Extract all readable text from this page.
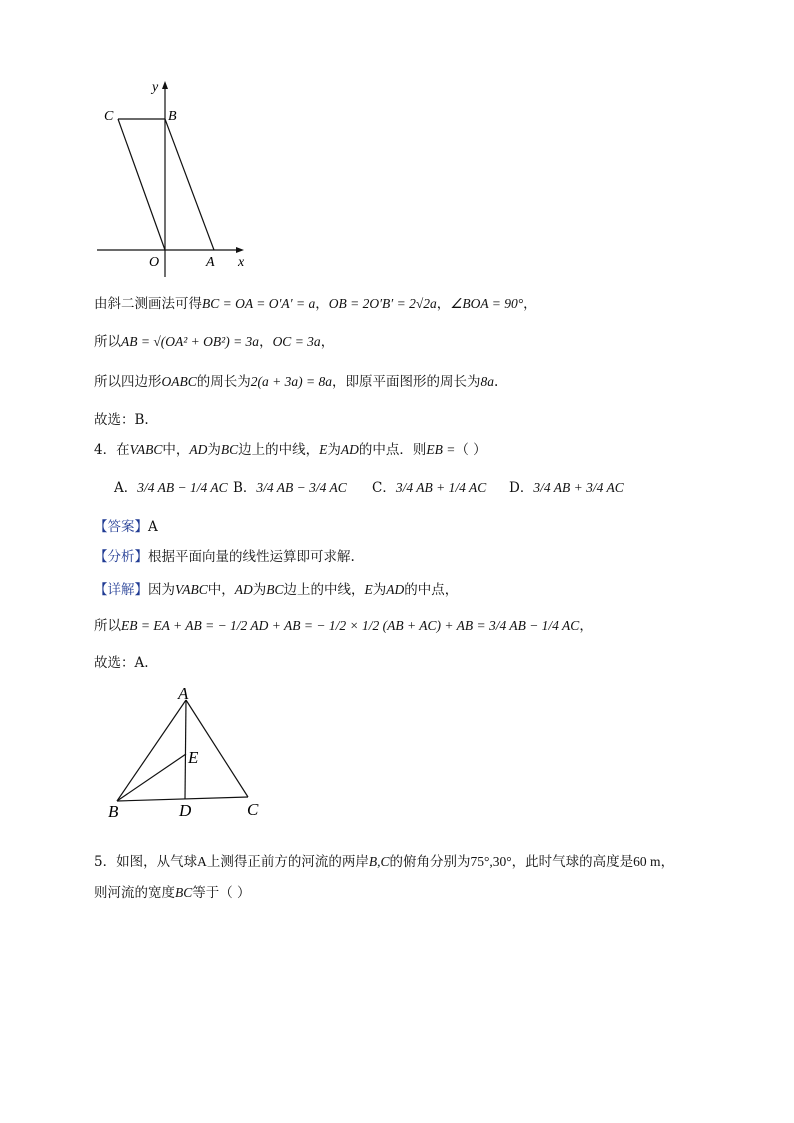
y
x
C	B
O	A
由斜二测画法可得BC = OA = O′A′ = a，OB = 2O′B′ = 2√2a，∠BOA = 90°，
所以AB = √(OA² + OB²) = 3a，OC = 3a，
所以四边形OABC的周长为2(a + 3a) = 8a，即原平面图形的周长为8a.
故选：B.
4．在VABC中，AD为BC边上的中线，E为AD的中点．则EB =（ ）
A．3/4 AB − 1/4 AC B．3/4 AB − 3/4 AC C．3/4 AB + 1/4 AC D．3/4 AB + 3/4 AC
【答案】A
【分析】根据平面向量的线性运算即可求解.
【详解】因为VABC中，AD为BC边上的中线，E为AD的中点，
所以EB = EA + AB = − 1/2 AD + AB = − 1/2 × 1/2 (AB + AC) + AB = 3/4 AB − 1/4 AC，
故选：A.
A
E
B	D	C
5．如图，从气球A上测得正前方的河流的两岸B,C的俯角分别为75°,30°，此时气球的高度是60 m，
则河流的宽度BC等于（ ）
